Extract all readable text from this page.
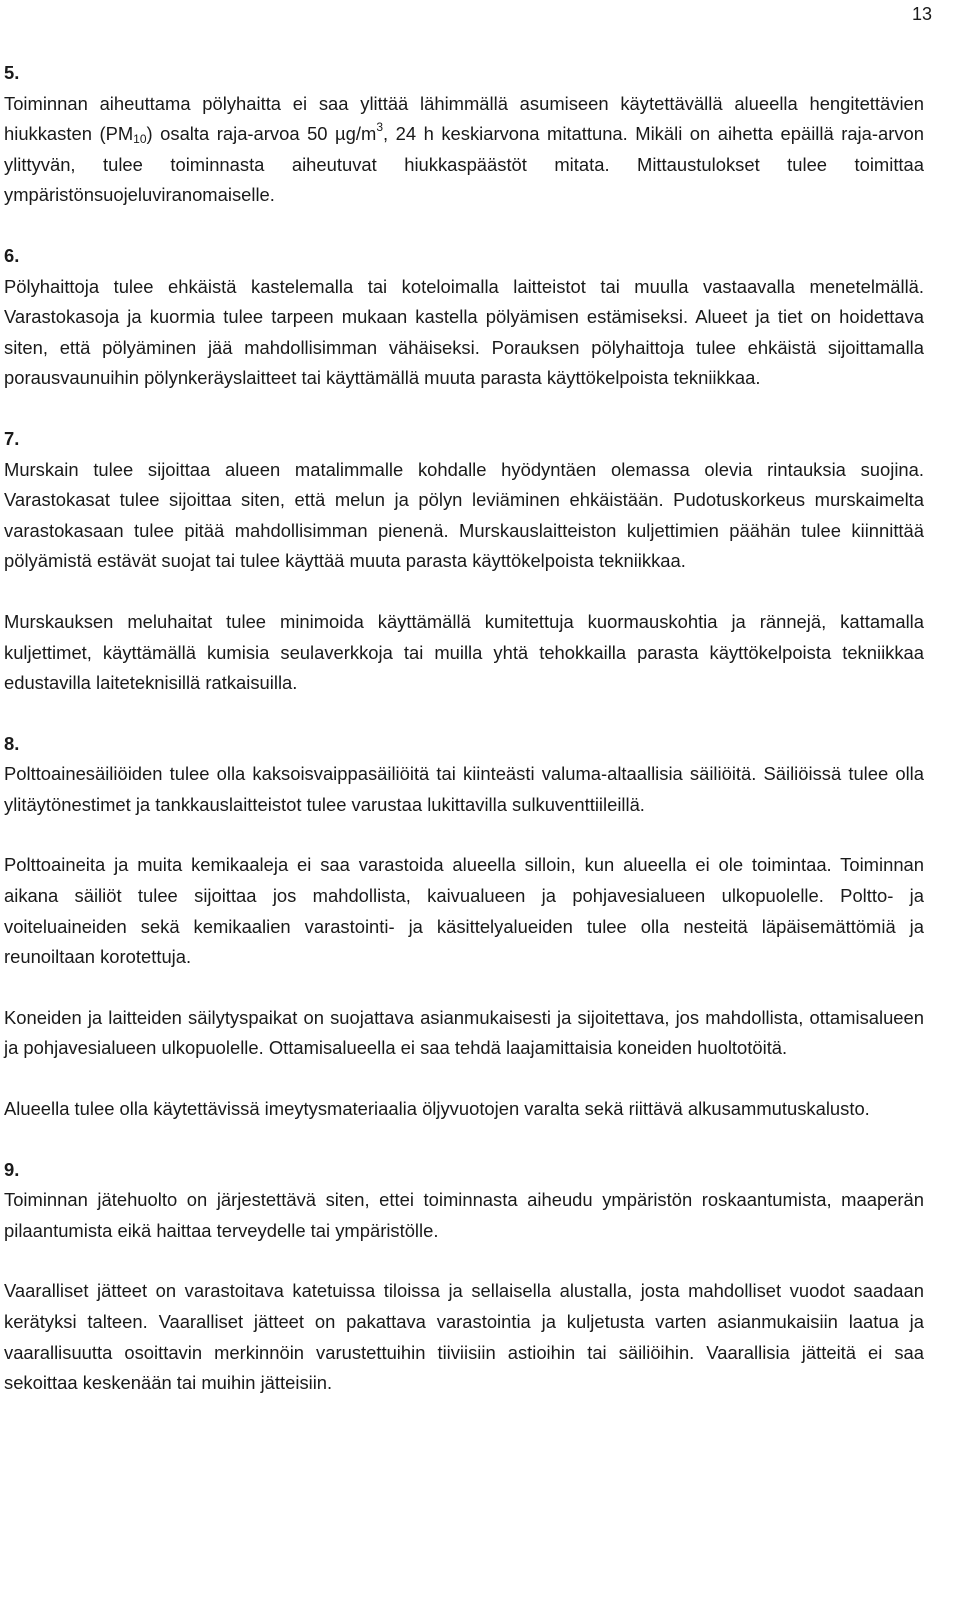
13
5.

Toiminnan aiheuttama pölyhaitta ei saa ylittää lähimmällä asumiseen käytettävällä alueella hengitettävien hiukkasten $(PM_{10})$ osalta raja-arvoa 50 $\mu g/m^3$, 24 h keskiarvona mitattuna. Mikäli on aihetta epäillä raja-arvon ylittyvän, tulee toiminnasta aiheutuvat hiukkaspäästöt mitata. Mittaustulokset tulee toimittaa ympäristönsuojeluviranomaiselle.

6.

Pölyhaittoja tulee ehkäistä kastelemalla tai koteloimalla laitteistot tai muulla vastaavalla menetelmällä. Varastokasoja ja kuormia tulee tarpeen mukaan kastella pölyämisen estämiseksi. Alueet ja tiet on hoidettava siten, että pölyäminen jää mahdollisimman vähäiseksi. Porauksen pölyhaittoja tulee ehkäistä sijoittamalla porausvaunuihin pölynkeräyslaitteet tai käyttämällä muuta parasta käyttökelpoista tekniikkaa.

7.

Murskain tulee sijoittaa alueen matalimmalle kohdalle hyödyntäen olemassa olevia rintauksia suojina. Varastokasat tulee sijoittaa siten, että melun ja pölyn leviäminen ehkäistään. Pudotuskorkeus murskaimelta varastokasaan tulee pitää mahdollisimman pienenä. Murskauslaitteiston kuljettimien päähän tulee kiinnittää pölyämistä estävät suojat tai tulee käyttää muuta parasta käyttökelpoista tekniikkaa.

Murskauksen meluhaitat tulee minimoida käyttämällä kumitettuja kuormauskohtia ja rännejä, kattamalla kuljettimet, käyttämällä kumisia seulaverkkoja tai muilla yhtä tehokkailla parasta käyttökelpoista tekniikkaa edustavilla laiteteknisillä ratkaisuilla.

8.

Polttoainesäiliöiden tulee olla kaksoisvaippasäiliöitä tai kiinteästi valuma-altaallisia säiliöitä. Säiliöissä tulee olla ylitäytönestimet ja tankkauslaitteistot tulee varustaa lukittavilla sulkuventtiileillä.

Polttoaineita ja muita kemikaaleja ei saa varastoida alueella silloin, kun alueella ei ole toimintaa. Toiminnan aikana säiliöt tulee sijoittaa jos mahdollista, kaivualueen ja pohjavesialueen ulkopuolelle. Poltto- ja voiteluaineiden sekä kemikaalien varastointi- ja käsittelyalueiden tulee olla nesteitä läpäisemättömiä ja reunoiltaan korotettuja.

Koneiden ja laitteiden säilytyspaikat on suojattava asianmukaisesti ja sijoitettava, jos mahdollista, ottamisalueen ja pohjavesialueen ulkopuolelle. Ottamisalueella ei saa tehdä laajamittaisia koneiden huoltotöitä.

Alueella tulee olla käytettävissä imeytysmateriaalia öljyvuotojen varalta sekä riittävä alkusammutuskalusto.

9.

Toiminnan jätehuolto on järjestettävä siten, ettei toiminnasta aiheudu ympäristön roskaantumista, maaperän pilaantumista eikä haittaa terveydelle tai ympäristölle.

Vaaralliset jätteet on varastoitava katetuissa tiloissa ja sellaisella alustalla, josta mahdolliset vuodot saadaan kerätyksi talteen. Vaaralliset jätteet on pakattava varastointia ja kuljetusta varten asianmukaisiin laatua ja vaarallisuutta osoittavin merkinnöin varustettuihin tiiviisiin astioihin tai säiliöihin. Vaarallisia jätteitä ei saa sekoittaa keskenään tai muihin jätteisiin.
